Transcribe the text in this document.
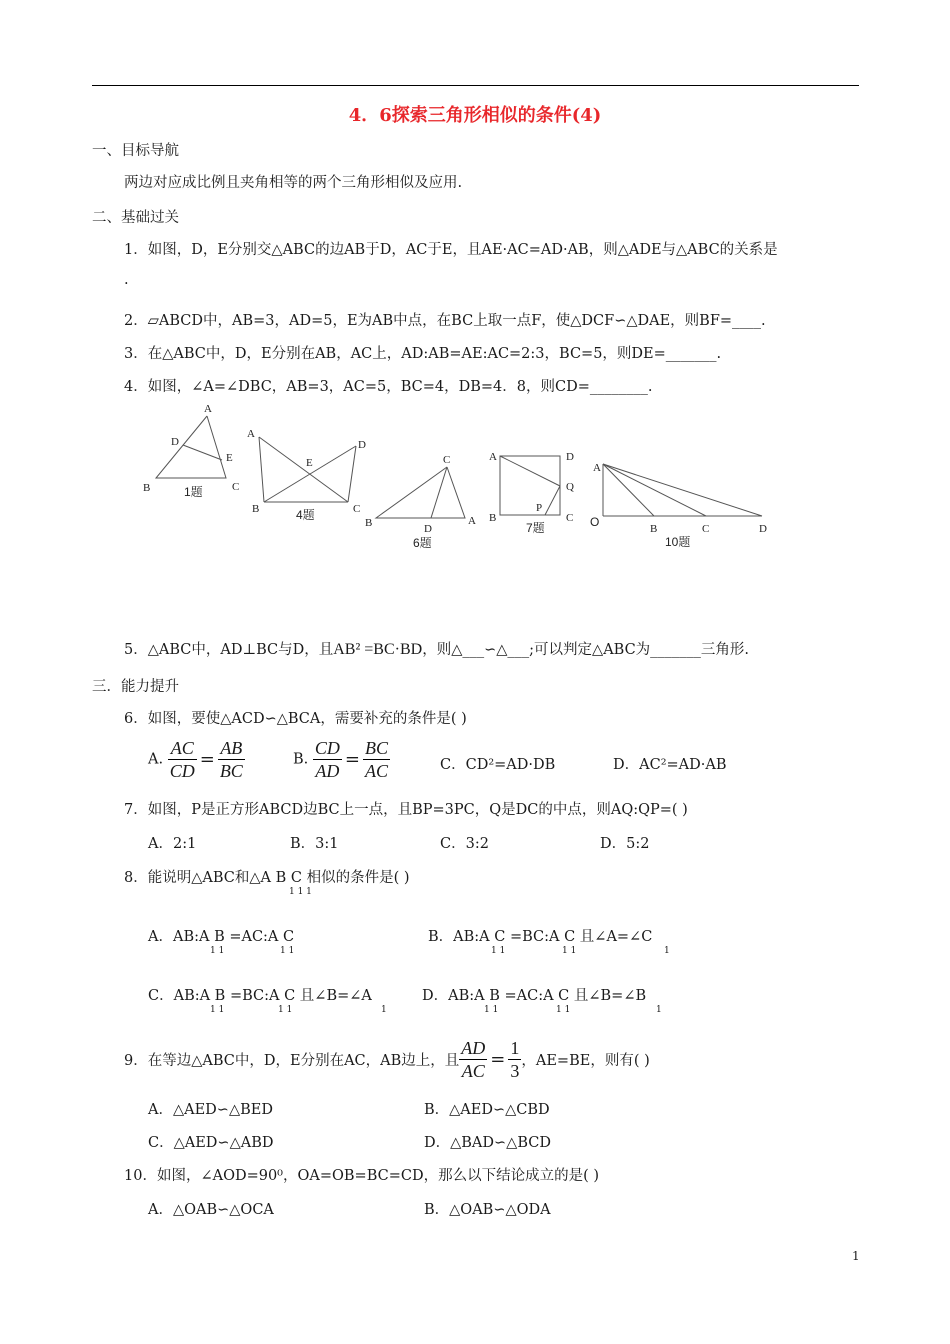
4．6探索三角形相似的条件(4)
一、目标导航
两边对应成比例且夹角相等的两个三角形相似及应用.
二、基础过关
1．如图，D，E分别交△ABC的边AB于D，AC于E，且AE·AC=AD·AB，则△ADE与△ABC的关系是
.
2．▱ABCD中，AB=3，AD=5，E为AB中点，在BC上取一点F，使△DCF∽△DAE，则BF=____.
3．在△ABC中，D，E分别在AB，AC上，AD:AB=AE:AC=2:3，BC=5，则DE=_______.
4．如图，∠A=∠DBC，AB=3，AC=5，BC=4，DB=4．8，则CD=________.
A
D
E
B	C
1题
A
D
E
B	C
4题
C
B	D
A
6题
A	D
Q
P
B	C
7题
A
O	B	C	D
10题
5．△ABC中，AD⊥BC与D，且AB² =BC·BD，则△___∽△___;可以判定△ABC为_______三角形.
三．能力提升
6．如图，要使△ACD∽△BCA，需要补充的条件是( )
A. $\frac{AC}{CD} = \frac{AB}{BC}$	B. $\frac{CD}{AD} = \frac{BC}{AC}$	C．CD²=AD·DB	D．AC²=AD·AB
7．如图，P是正方形ABCD边BC上一点，且BP=3PC，Q是DC的中点，则AQ:QP=( )
A．2:1	B．3:1	C．3:2	D．5:2
8．能说明△ABC和△A B C 相似的条件是( )
1 1 1
A．AB:A B =AC:A C
1 1	1 1
B．AB:A C =BC:A C 且∠A=∠C
1 1	1 1	1
C．AB:A B =BC:A C 且∠B=∠A
1 1	1 1	1
D．AB:A B =AC:A C 且∠B=∠B
1 1	1 1	1
9．在等边△ABC中，D，E分别在AC，AB边上，且 $\frac{AD}{AC} = \frac{1}{3}$ ，AE=BE，则有( )
A．△AED∽△BED	B．△AED∽△CBD
C．△AED∽△ABD	D．△BAD∽△BCD
10．如图，∠AOD=90⁰，OA=OB=BC=CD，那么以下结论成立的是( )
A．△OAB∽△OCA	B．△OAB∽△ODA
1
